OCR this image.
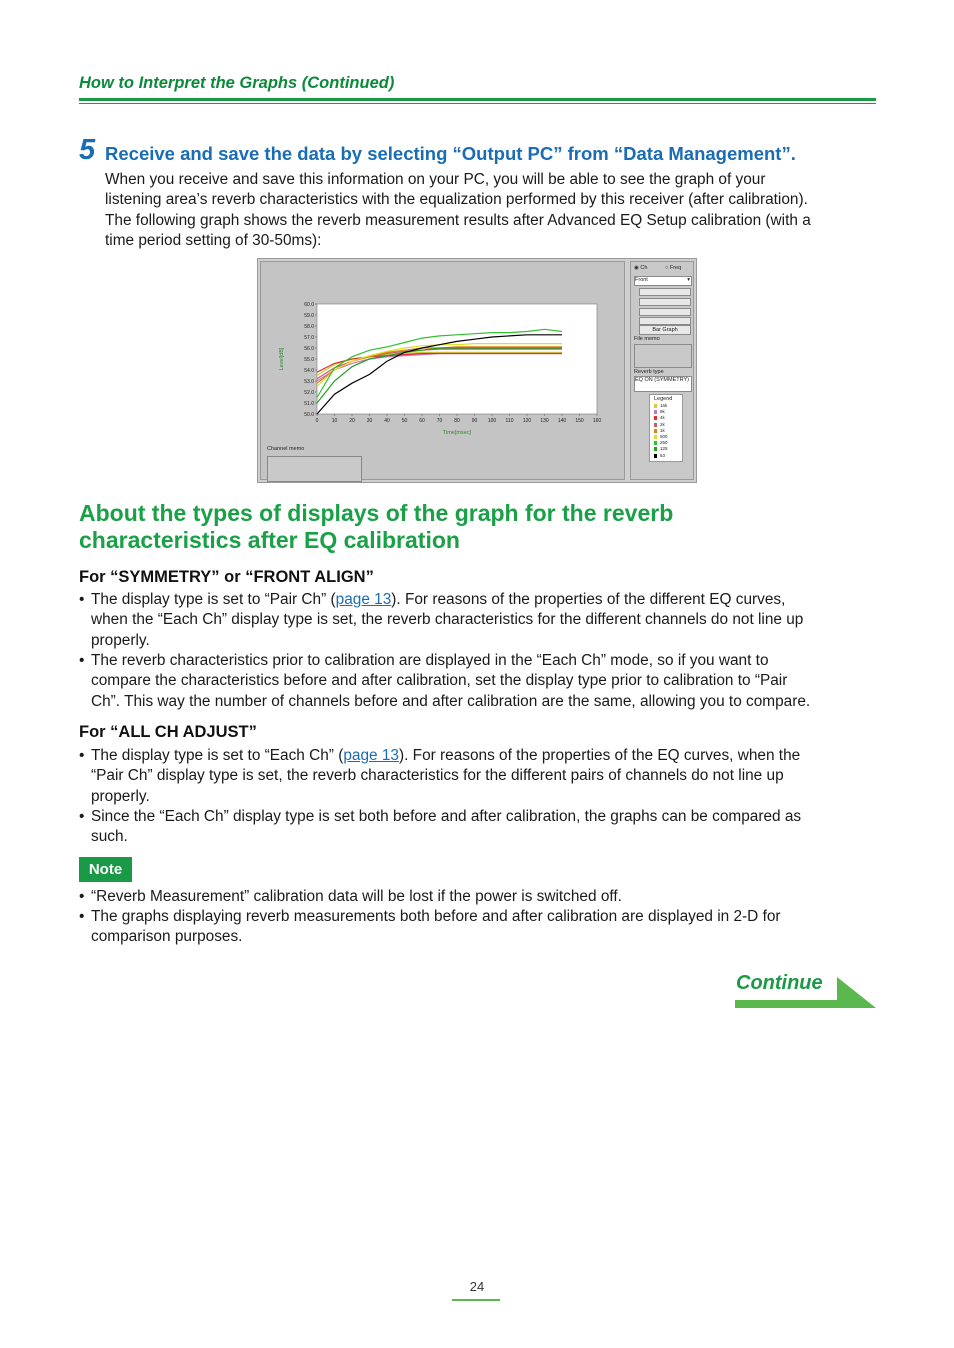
How to Interpret the Graphs (Continued)
5 Receive and save the data by selecting “Output PC” from “Data Management”.
When you receive and save this information on your PC, you will be able to see the graph of your
listening area’s reverb characteristics with the equalization performed by this receiver (after calibration).
The following graph shows the reverb measurement results after Advanced EQ Setup calibration (with a
time period setting of 30-50ms):
60.0
59.0
58.0
57.0
56.0
55.0
54.0
53.0
52.0
51.0
50.0
0	10 20 30 40 50 60 70 80 90 100 110 120 130 140 150 160
Time[msec]
Level[dB]
Channel memo
◉ Ch	○ Freq
Front	▾
Bar Graph
File memo
Reverb type
EQ ON (SYMMETRY)
Legend
16k
8k
4k
2k
1k
500
250
125
63
About the types of displays of the graph for the reverb
characteristics after EQ calibration
For “SYMMETRY” or “FRONT ALIGN”
• The display type is set to “Pair Ch” (page 13). For reasons of the properties of the different EQ curves,
when the “Each Ch” display type is set, the reverb characteristics for the different channels do not line up
properly.
• The reverb characteristics prior to calibration are displayed in the “Each Ch” mode, so if you want to
compare the characteristics before and after calibration, set the display type prior to calibration to “Pair
Ch”. This way the number of channels before and after calibration are the same, allowing you to compare.
For “ALL CH ADJUST”
• The display type is set to “Each Ch” (page 13). For reasons of the properties of the EQ curves, when the
“Pair Ch” display type is set, the reverb characteristics for the different pairs of channels do not line up
properly.
• Since the “Each Ch” display type is set both before and after calibration, the graphs can be compared as
such.
Note
• “Reverb Measurement” calibration data will be lost if the power is switched off.
• The graphs displaying reverb measurements both before and after calibration are displayed in 2-D for
comparison purposes.
Continue
24
